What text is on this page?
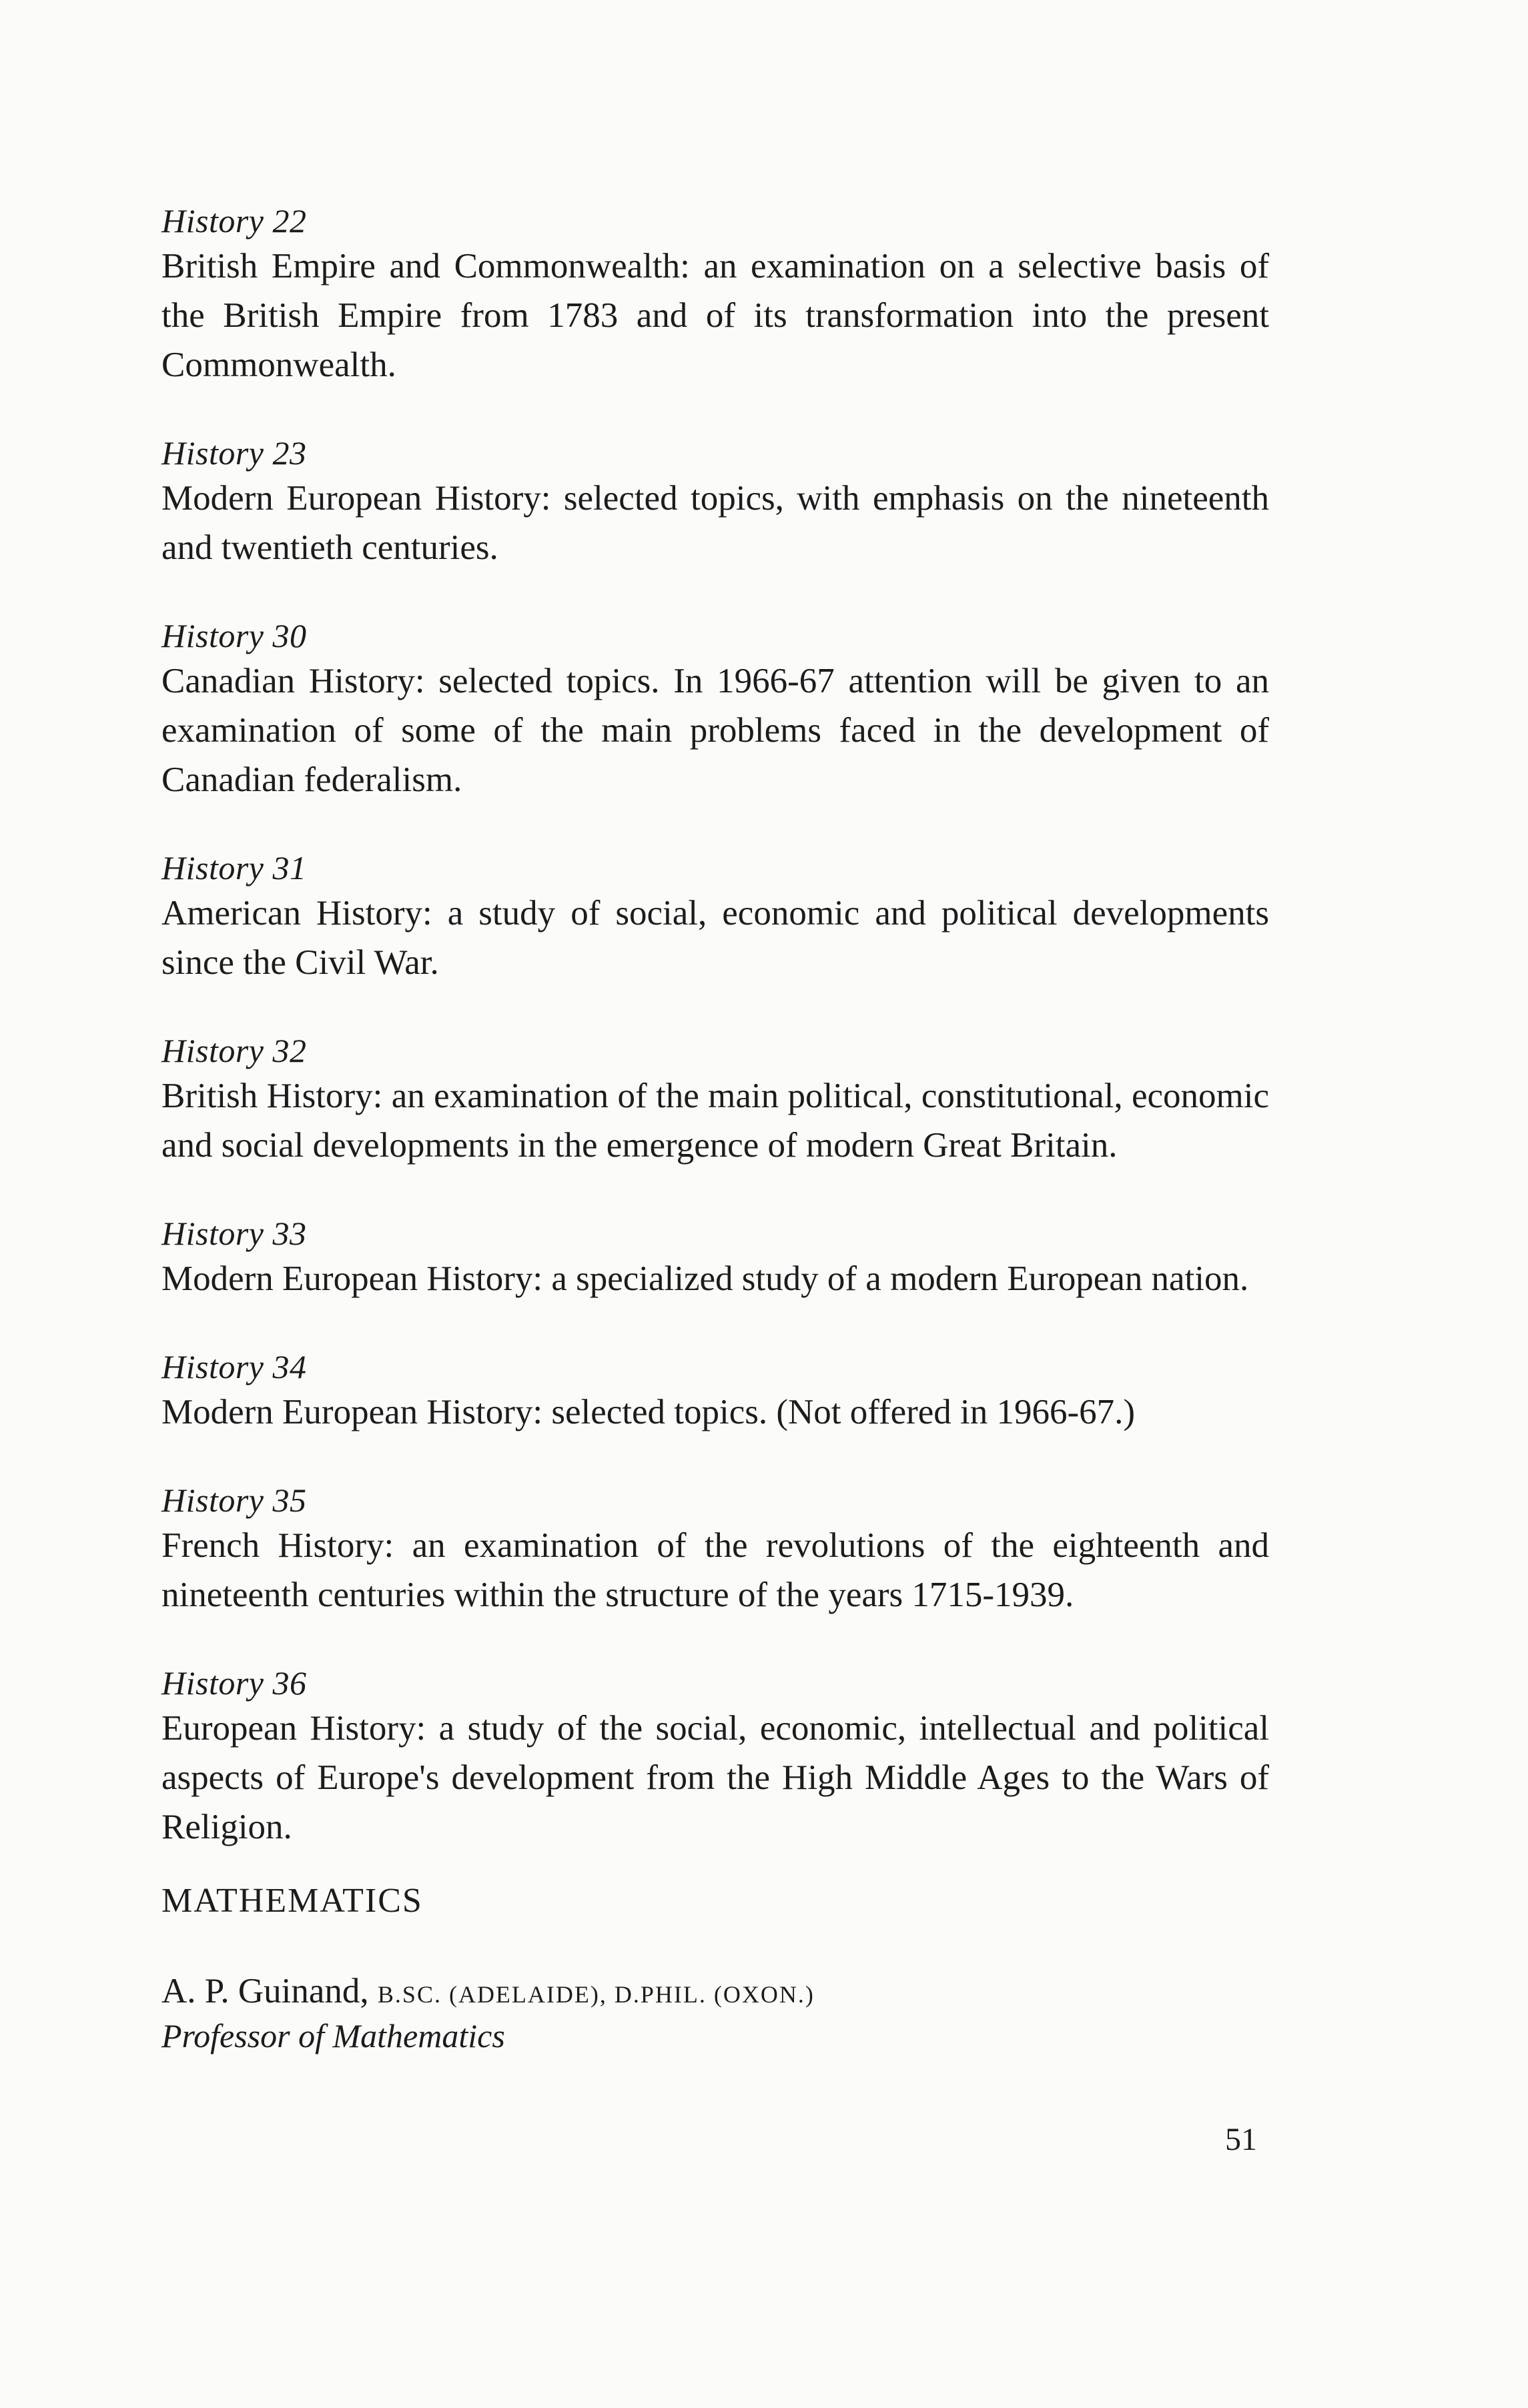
History 22

British Empire and Commonwealth: an examination on a selective basis of the British Empire from 1783 and of its transformation into the present Commonwealth.

History 23

Modern European History: selected topics, with emphasis on the nineteenth and twentieth centuries.

History 30

Canadian History: selected topics. In 1966-67 attention will be given to an examination of some of the main problems faced in the development of Canadian federalism.

History 31

American History: a study of social, economic and political developments since the Civil War.

History 32

British History: an examination of the main political, constitutional, economic and social developments in the emergence of modern Great Britain.

History 33

Modern European History: a specialized study of a modern European nation.

History 34

Modern European History: selected topics. (Not offered in 1966-67.)

History 35

French History: an examination of the revolutions of the eighteenth and nineteenth centuries within the structure of the years 1715-1939.

History 36

European History: a study of the social, economic, intellectual and political aspects of Europe's development from the High Middle Ages to the Wars of Religion.

MATHEMATICS
A. P. Guinand, B.SC. (ADELAIDE), D.PHIL. (OXON.)
Professor of Mathematics
51
